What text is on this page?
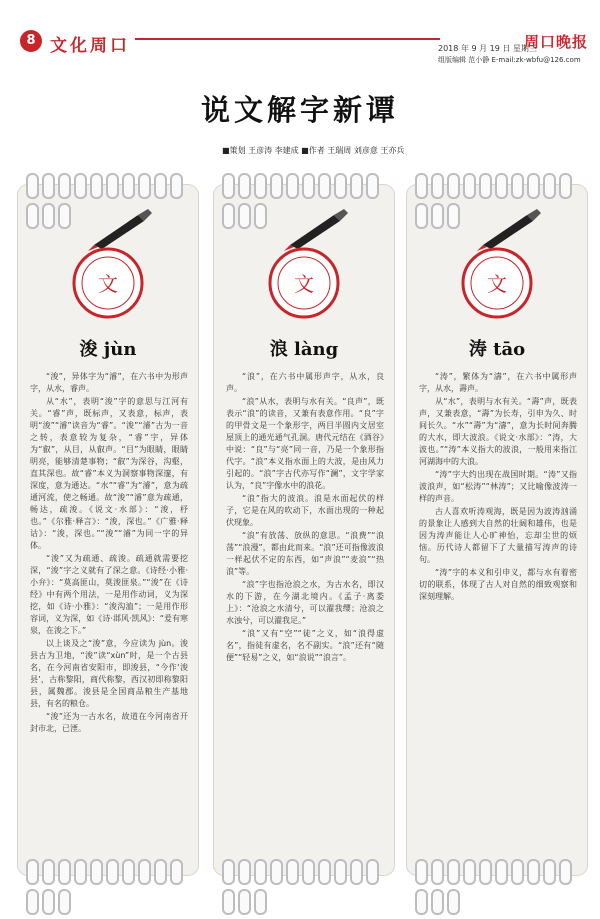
8 文化周口	2018 年 9 月 19 日 星期三
组版编辑 范小静 E-mail:zk-wbfu@126.com
周口晚报
说文解字新谭
■策划 王彦涛 李建成 ■作者 王瑞周 刘彦意 王亦兵
文
浚 jùn

“浚”，异体字为“濬”，在六书中为形声字，从水，睿声。

从“水”，表明“浚”字的意思与江河有关。“睿”声，既标声，又表意，标声，表明“浚”“濬”读音为“睿”。“浚”“濬”古为一音之转，表意较为复杂，“睿”字，异体为“叡”，从目，从叡声。“目”为眼睛，眼睛明亮，能够清楚事物；“叡”为深谷，沟壑，直其深也。故“睿”本义为洞察事物深邃，有深度，意为通达。“水”“睿”为“濬”，意为疏通河流，使之畅通。故“浚”“濬”意为疏通，畅达，疏浚。《说文·水部》：“浚，杼也。”《尔雅·释言》：“浚，深也。”《广雅·释诂》：“浚，深也。”“浚”“濬”为同一字的异体。

“浚”又为疏通、疏浚。疏通就需要挖深，“浚”字之义就有了深之意。《诗经·小雅·小弁》：“莫高匪山，莫浚匪泉。”“浚”在《诗经》中有两个用法，一是用作动词，义为深挖，如《诗·小雅》：“浚沟洫”；一是用作形容词，义为深，如《诗·邶风·凯风》：“爰有寒泉，在浚之下。”

以上谈及之“浚”意，今应读为 jùn。浚县古为卫地，“浚”读“xùn”时，是一个古县名，在今河南省安阳市，即浚县，“今作‘浚县’，古称黎阳，商代称黎，西汉初即称黎阳县，属魏郡。浚县是全国商品粮生产基地县，有名的粮仓。

“浚”还为一古水名，故道在今河南省开封市北，已湮。

文
浪 làng

“浪”，在六书中属形声字，从水，良声。

“浪”从水，表明与水有关。“良声”，既表示“浪”的读音，又兼有表意作用。“良”字的甲骨文是一个象形字，两目半圆内文居室屋顶上的通光通气孔洞。唐代元结在《酒谷》中说：“良”与“亮”同一音，乃是一个象形指代字。“浪”本义指水面上的大波，是由风力引起的。“浪”字古代亦写作“澜”，文字学家认为，“良”字像水中的浪花。

“浪”指大的波浪。浪是水面起伏的样子，它是在风的吹动下，水面出现的一种起伏现象。

“浪”有放荡、放纵的意思。“浪费”“浪荡”“浪漫”，都由此而来。“浪”还可指像波浪一样起伏不定的东西，如“声浪”“麦浪”“热浪”等。

“浪”字也指沧浪之水，为古水名，即汉水的下游，在今湖北境内。《孟子·离娄上》：“沧浪之水清兮，可以濯我缨；沧浪之水浊兮，可以濯我足。”

“浪”又有“空”“徒”之义，如“浪得虚名”，指徒有虚名，名不副实。“浪”还有“随便”“轻易”之义，如“浪说”“浪言”。

文
涛 tāo

“涛”，繁体为“濤”，在六书中属形声字，从水，壽声。

从“水”，表明与水有关。“壽”声，既表声，又兼表意，“壽”为长寿，引申为久、时间长久。“水”“壽”为“濤”，意为长时间奔腾的大水，即大波浪。《说文·水部》：“涛，大波也。”“涛”本义指大的波浪，一般用来指江河湖海中的大浪。

“涛”字大约出现在战国时期。“涛”又指波浪声，如“松涛”“林涛”；又比喻像波涛一样的声音。

古人喜欢听涛观海，既是因为波涛汹涌的景象让人感到大自然的壮阔和雄伟，也是因为涛声能让人心旷神怡，忘却尘世的烦恼。历代诗人都留下了大量描写涛声的诗句。

“涛”字的本义和引申义，都与水有着密切的联系，体现了古人对自然的细致观察和深刻理解。
